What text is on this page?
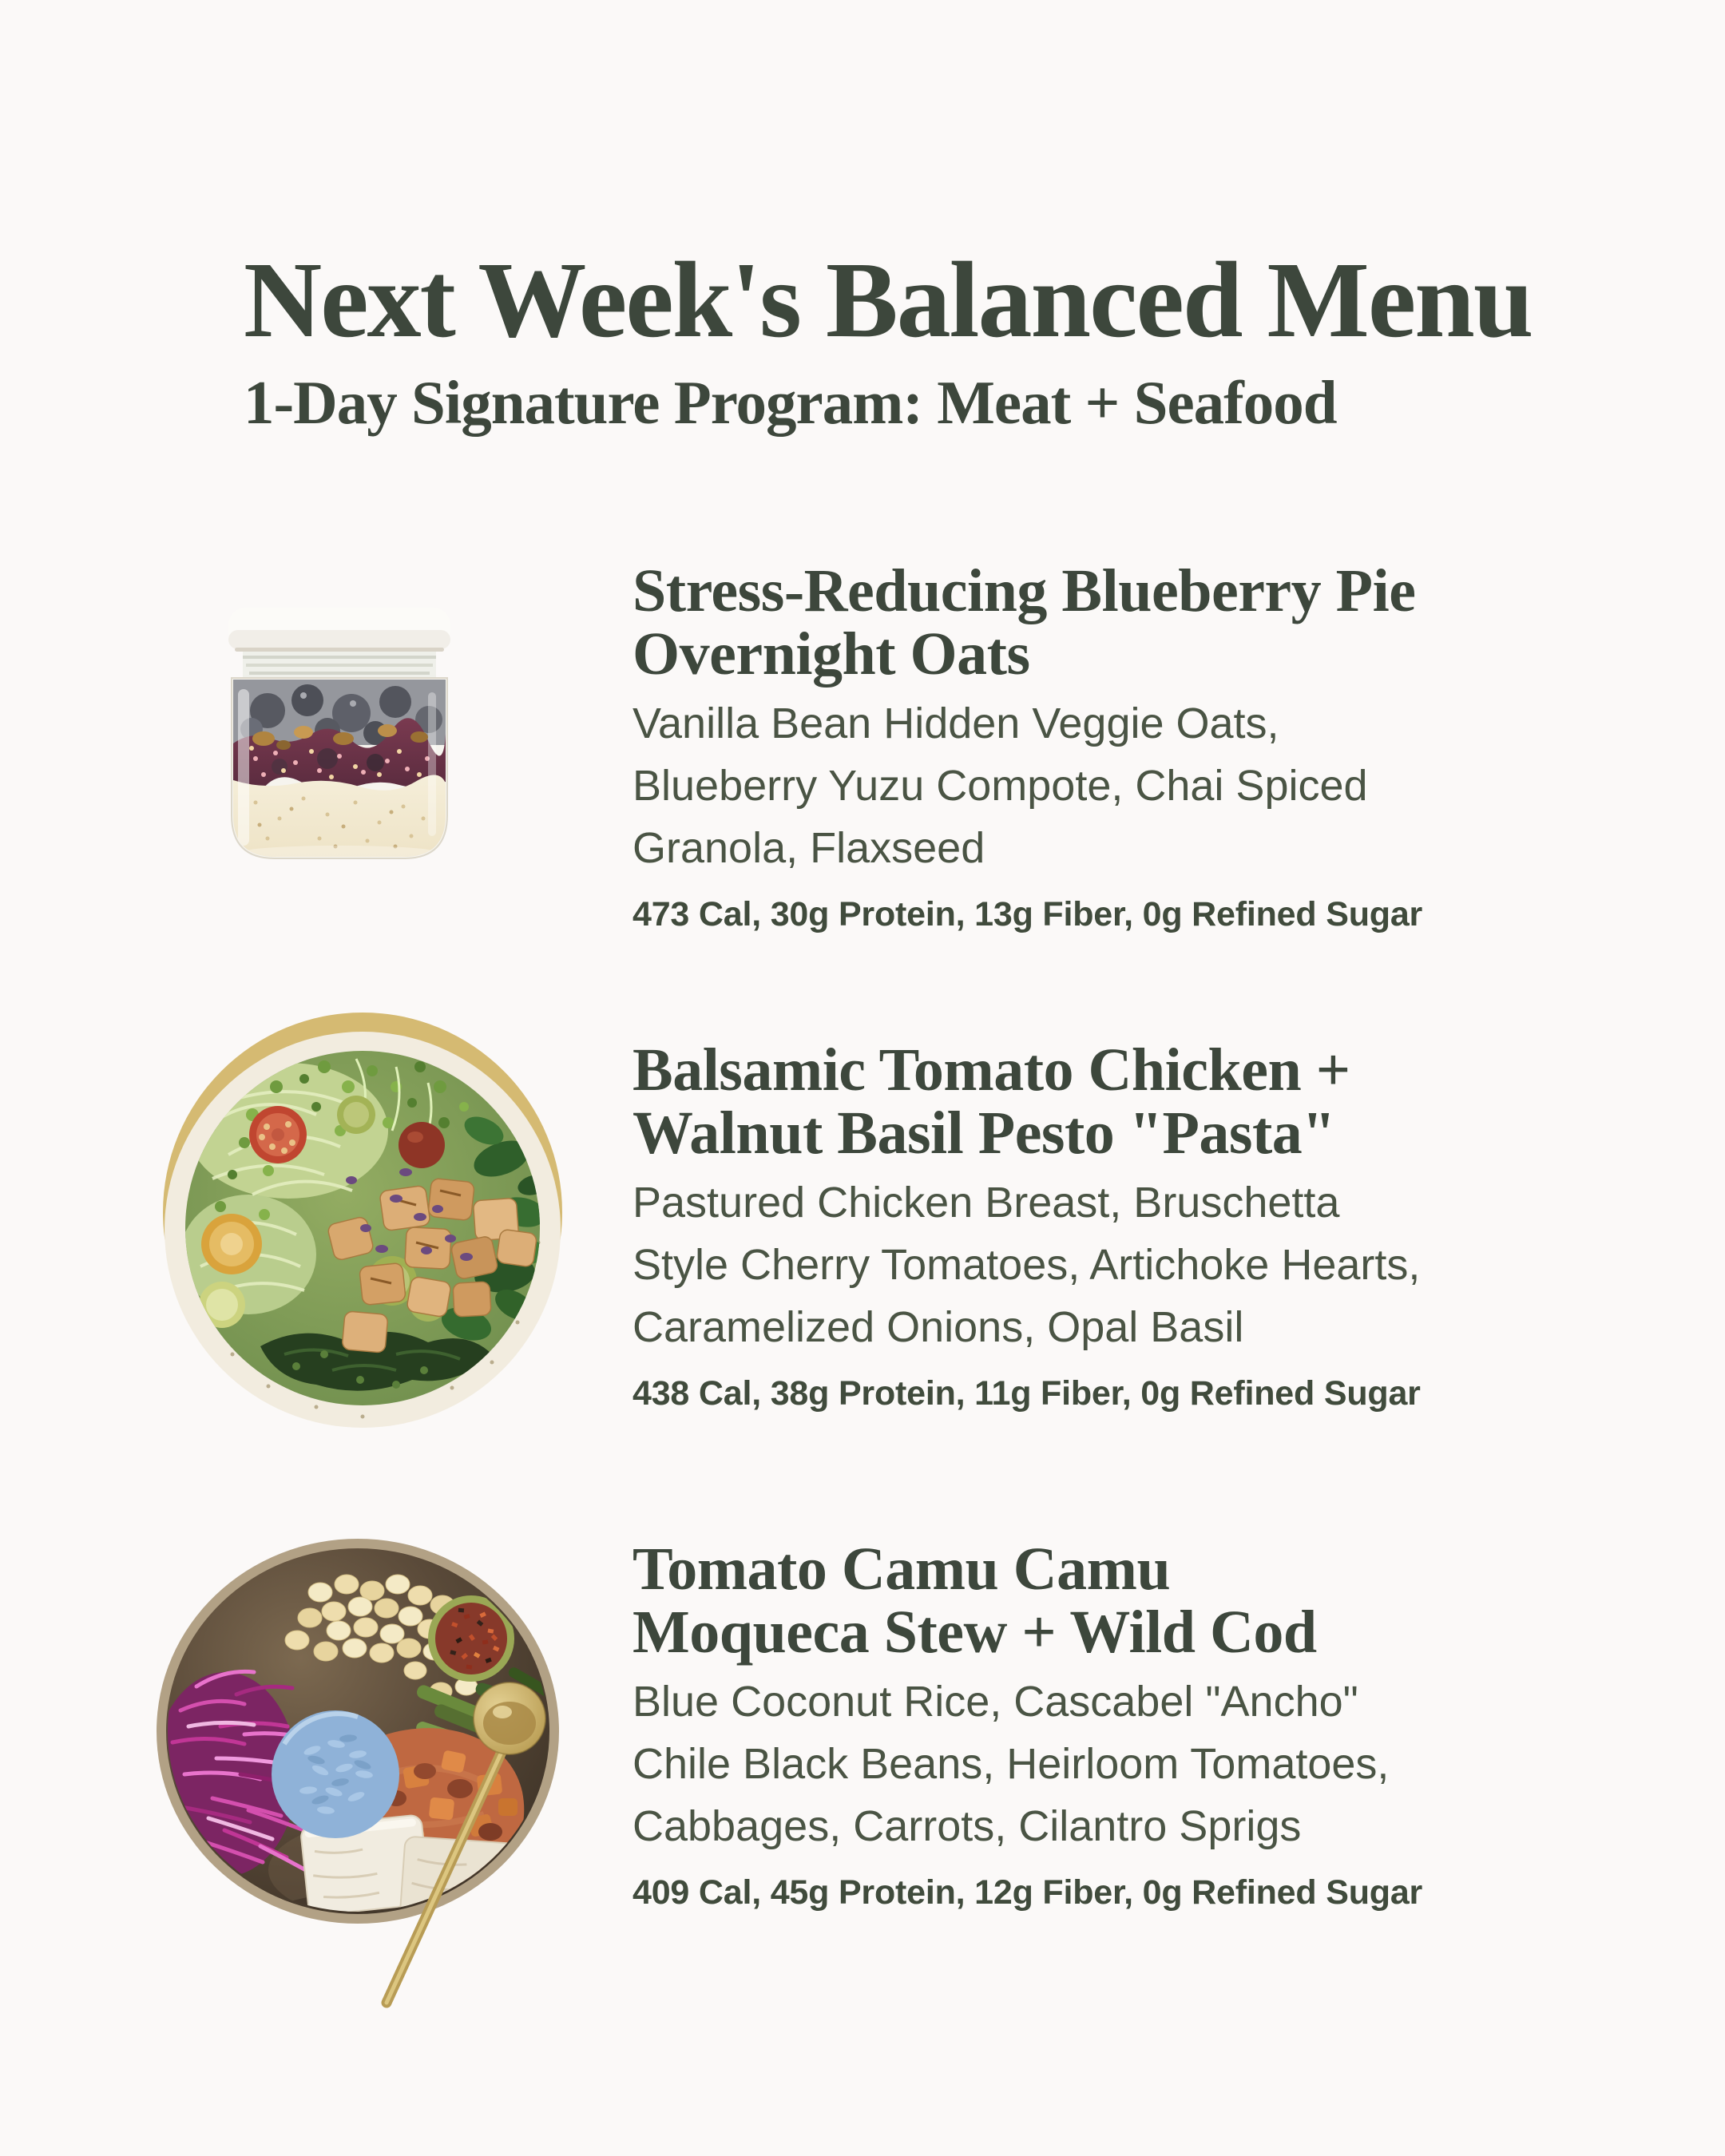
Next Week's Balanced Menu
1-Day Signature Program: Meat + Seafood
Stress-Reducing Blueberry Pie
Overnight Oats

Vanilla Bean Hidden Veggie Oats,
Blueberry Yuzu Compote, Chai Spiced
Granola, Flaxseed

473 Cal, 30g Protein, 13g Fiber, 0g Refined Sugar

Balsamic Tomato Chicken +
Walnut Basil Pesto "Pasta"

Pastured Chicken Breast, Bruschetta
Style Cherry Tomatoes, Artichoke Hearts,
Caramelized Onions, Opal Basil

438 Cal, 38g Protein, 11g Fiber, 0g Refined Sugar

Tomato Camu Camu
Moqueca Stew + Wild Cod

Blue Coconut Rice, Cascabel "Ancho"
Chile Black Beans, Heirloom Tomatoes,
Cabbages, Carrots, Cilantro Sprigs

409 Cal, 45g Protein, 12g Fiber, 0g Refined Sugar
